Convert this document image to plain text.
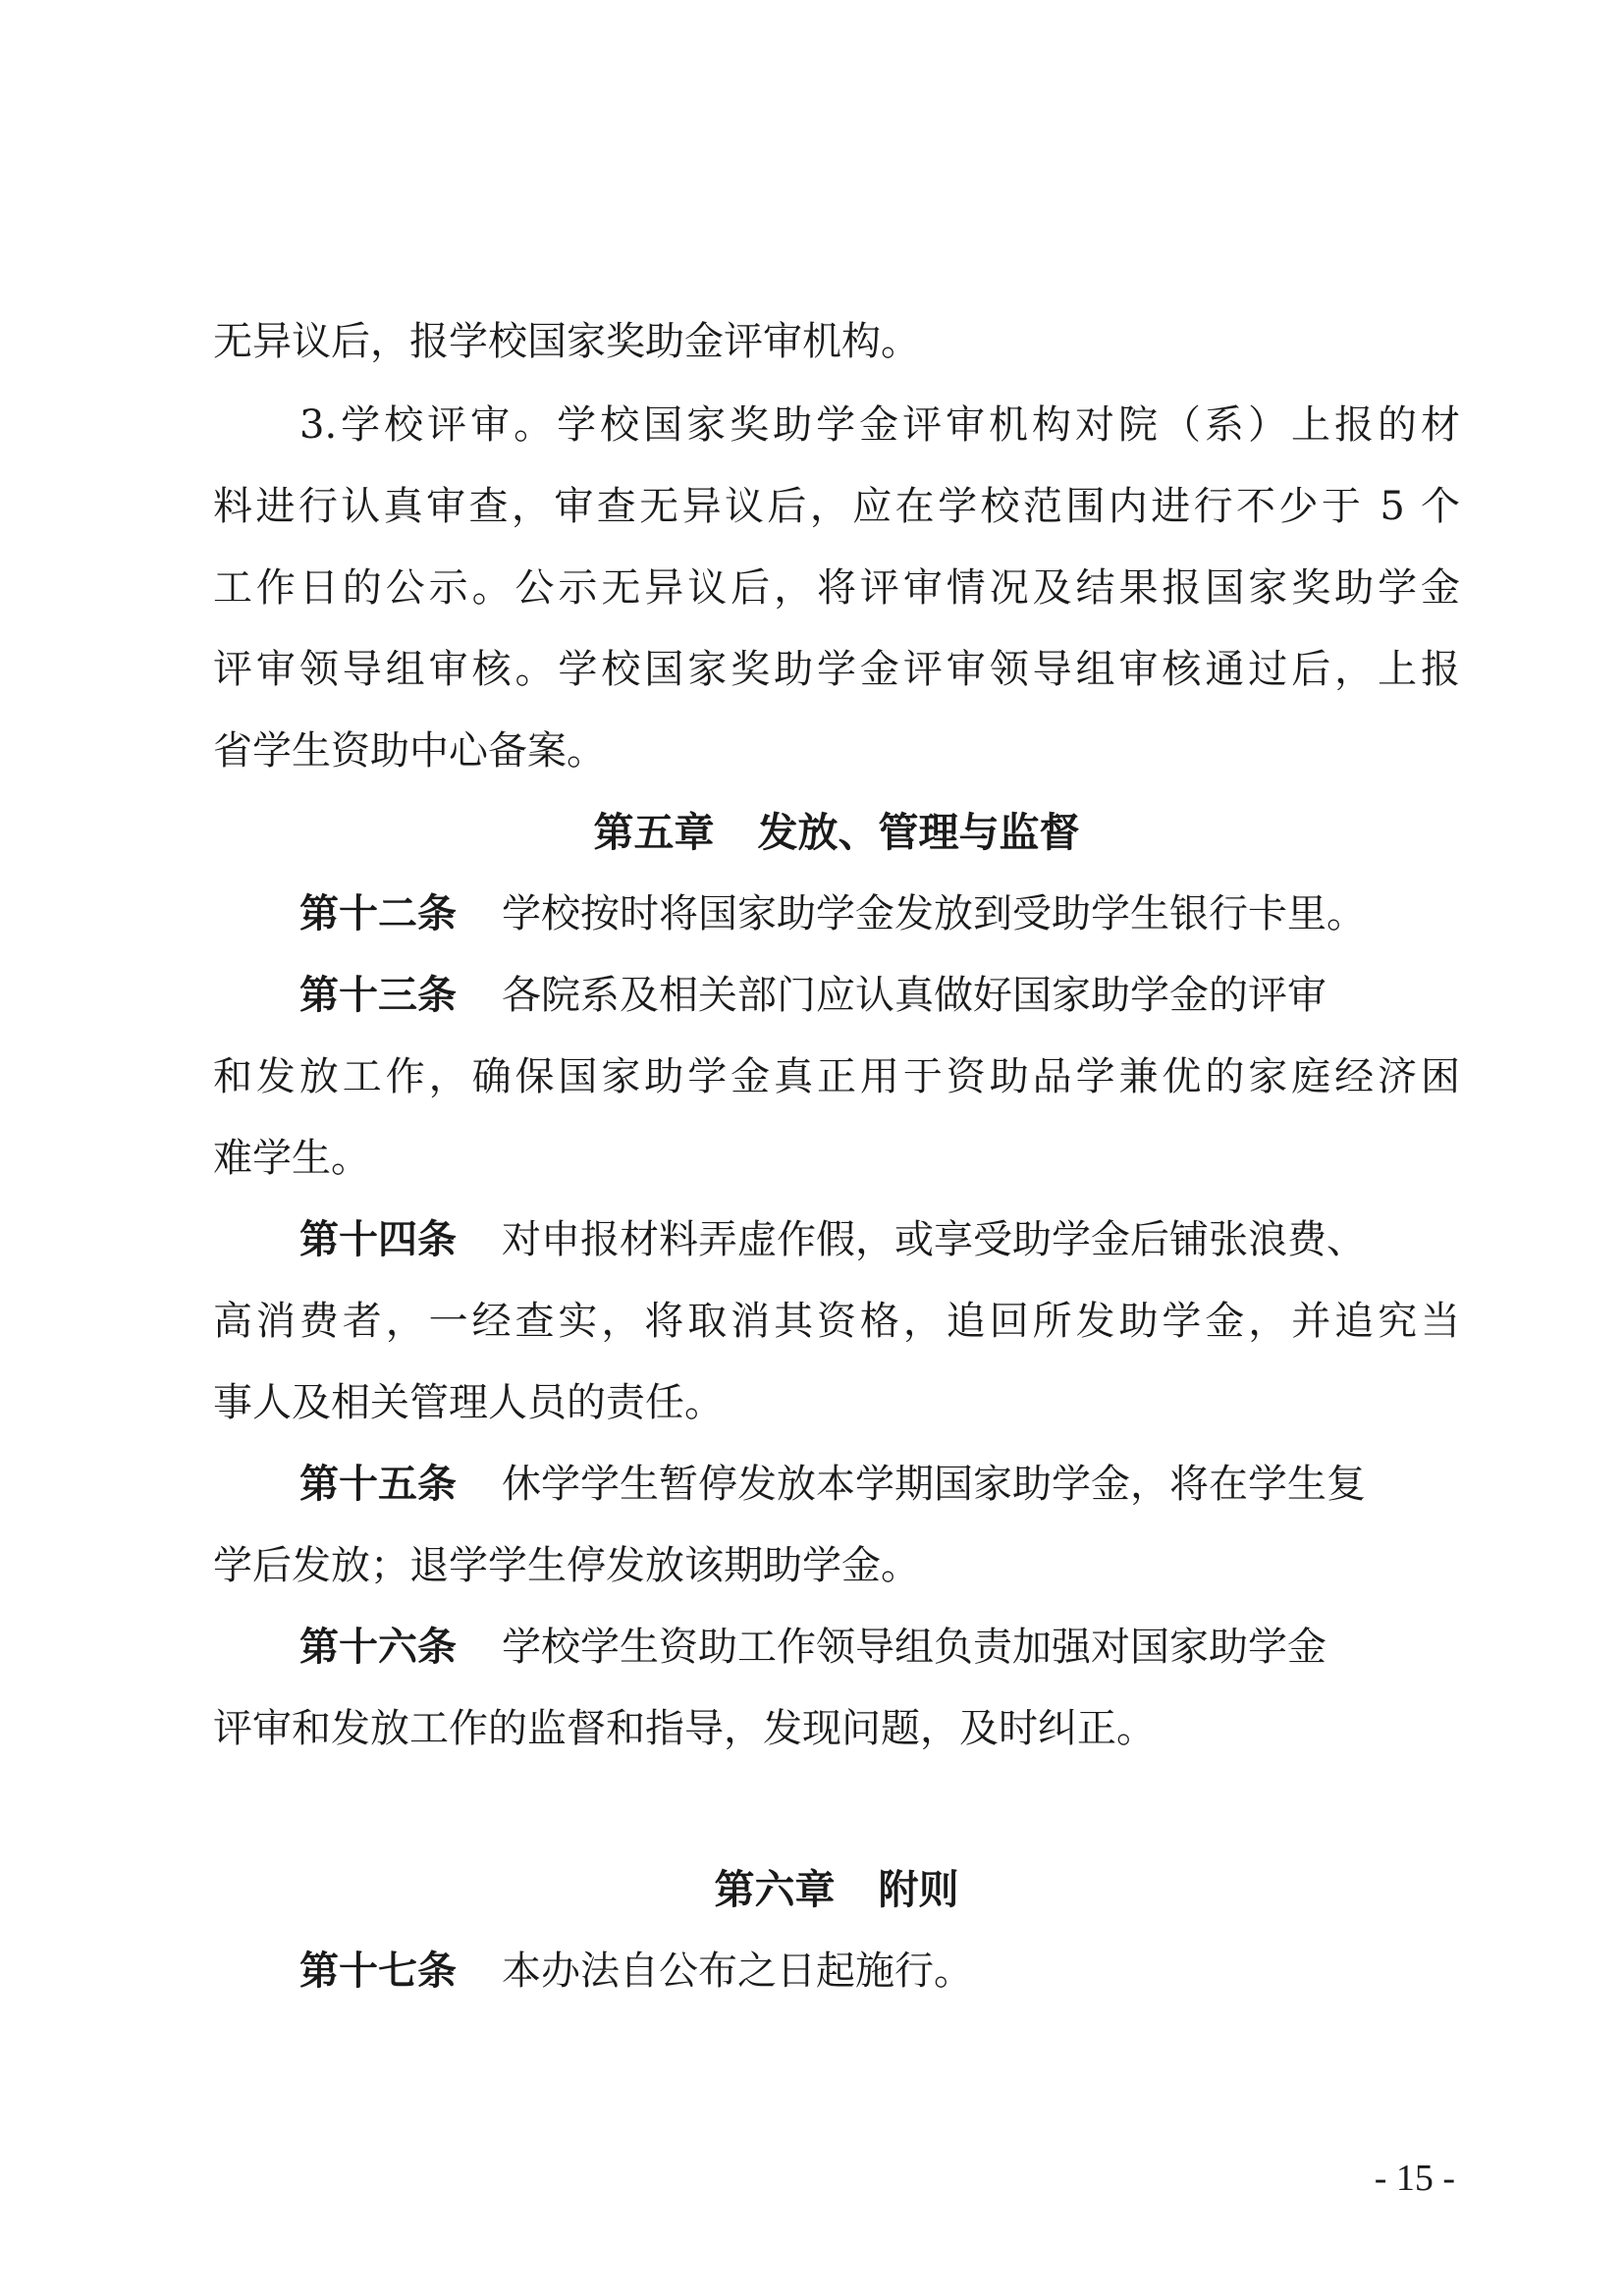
无异议后，报学校国家奖助金评审机构。
3.学校评审。学校国家奖助学金评审机构对院（系）上报的材
料进行认真审查，审查无异议后，应在学校范围内进行不少于 5 个
工作日的公示。公示无异议后，将评审情况及结果报国家奖助学金
评审领导组审核。学校国家奖助学金评审领导组审核通过后，上报
省学生资助中心备案。
第五章 发放、管理与监督
第十二条 学校按时将国家助学金发放到受助学生银行卡里。
第十三条 各院系及相关部门应认真做好国家助学金的评审
和发放工作，确保国家助学金真正用于资助品学兼优的家庭经济困
难学生。
第十四条 对申报材料弄虚作假，或享受助学金后铺张浪费、
高消费者，一经查实，将取消其资格，追回所发助学金，并追究当
事人及相关管理人员的责任。
第十五条 休学学生暂停发放本学期国家助学金，将在学生复
学后发放；退学学生停发放该期助学金。
第十六条 学校学生资助工作领导组负责加强对国家助学金
评审和发放工作的监督和指导，发现问题，及时纠正。
第六章 附则
第十七条 本办法自公布之日起施行。
- 15 -
